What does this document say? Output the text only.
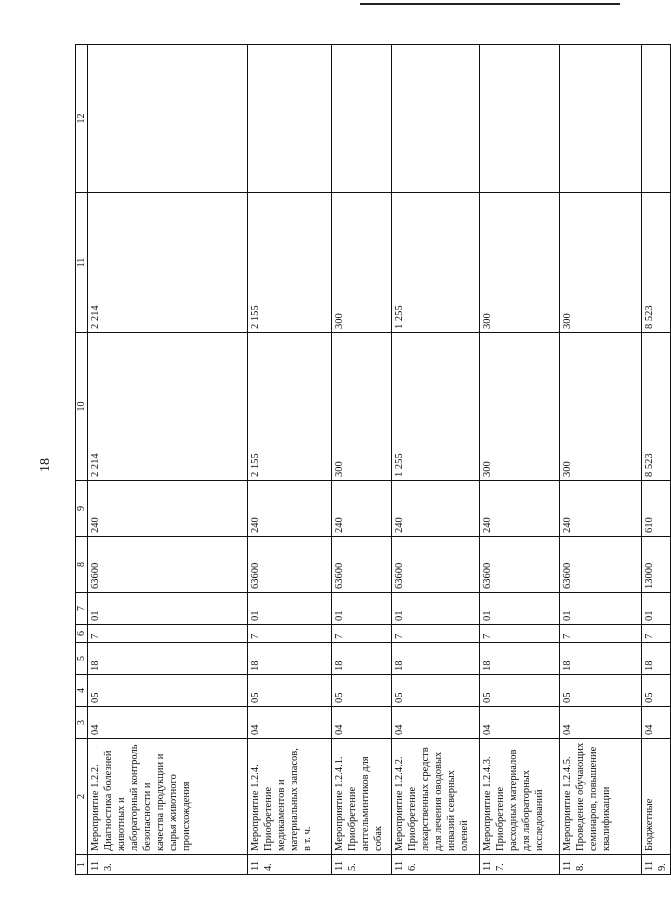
18
1	2	3	4	5	6	7	8	9	10	11	12
113.	Мероприятие 1.2.2. Диагностика болезней животных и лабораторный контроль безопасности и качества продукции и сырья животного происхождения	04	05	18	7	01	63600	240	2 214	2 214	
114.	Мероприятие 1.2.4. Приобретение медикаментов и материальных запасов, в т. ч.	04	05	18	7	01	63600	240	2 155	2 155	
115.	Мероприятие 1.2.4.1. Приобретение антгельминтиков для собак	04	05	18	7	01	63600	240	300	300	
116.	Мероприятие 1.2.4.2. Приобретение лекарственных средств для лечения оводовых инвазий северных оленей	04	05	18	7	01	63600	240	1 255	1 255	
117.	Мероприятие 1.2.4.3. Приобретение расходных материалов для лабораторных исследований	04	05	18	7	01	63600	240	300	300	
118.	Мероприятие 1.2.4.5. Проведение обучающих семинаров, повышение квалификации	04	05	18	7	01	63600	240	300	300	
119.	Бюджетные	04	05	18	7	01	13000	610	8 523	8 523	
